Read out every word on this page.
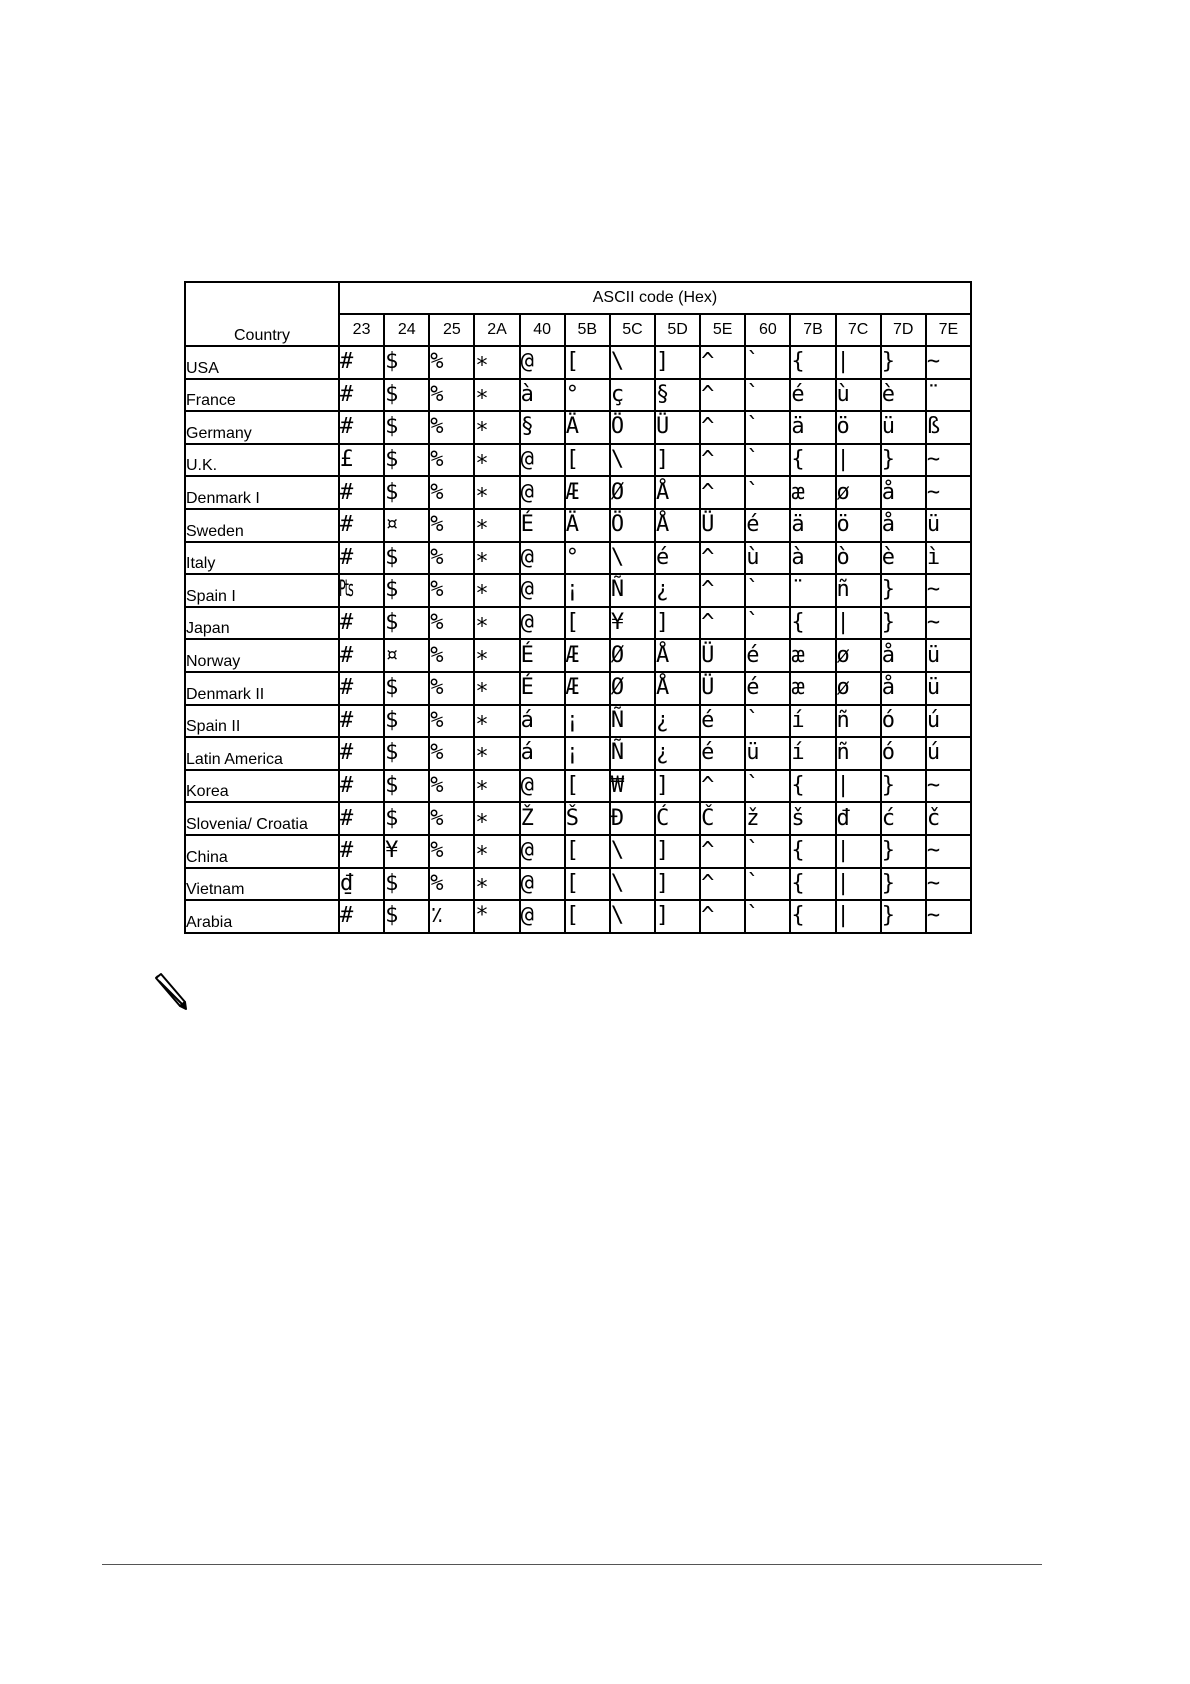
Country	ASCII code (Hex)													
	23	24	25	2A	40	5B	5C	5D	5E	60	7B	7C	7D	7E
USA	#	$	%	∗	@	[	\	]	^	`	{	|	}	~
France	#	$	%	∗	à	°	ç	§	^	`	é	ù	è	¨
Germany	#	$	%	∗	§	Ä	Ö	Ü	^	`	ä	ö	ü	ß
U.K.	£	$	%	∗	@	[	\	]	^	`	{	|	}	~
Denmark I	#	$	%	∗	@	Æ	Ø	Å	^	`	æ	ø	å	~
Sweden	#	¤	%	∗	É	Ä	Ö	Å	Ü	é	ä	ö	å	ü
Italy	#	$	%	∗	@	°	\	é	^	ù	à	ò	è	ì
Spain I	₧	$	%	∗	@	¡	Ñ	¿	^	`	¨	ñ	}	~
Japan	#	$	%	∗	@	[	¥	]	^	`	{	|	}	~
Norway	#	¤	%	∗	É	Æ	Ø	Å	Ü	é	æ	ø	å	ü
Denmark II	#	$	%	∗	É	Æ	Ø	Å	Ü	é	æ	ø	å	ü
Spain II	#	$	%	∗	á	¡	Ñ	¿	é	`	í	ñ	ó	ú
Latin America	#	$	%	∗	á	¡	Ñ	¿	é	ü	í	ñ	ó	ú
Korea	#	$	%	∗	@	[	₩	]	^	`	{	|	}	~
Slovenia/ Croatia	#	$	%	∗	Ž	Š	Đ	Ć	Č	ž	š	đ	ć	č
China	#	¥	%	∗	@	[	\	]	^	`	{	|	}	~
Vietnam	₫	$	%	∗	@	[	\	]	^	`	{	|	}	~
Arabia	#	$	٪	*	@	[	\	]	^	`	{	|	}	~
